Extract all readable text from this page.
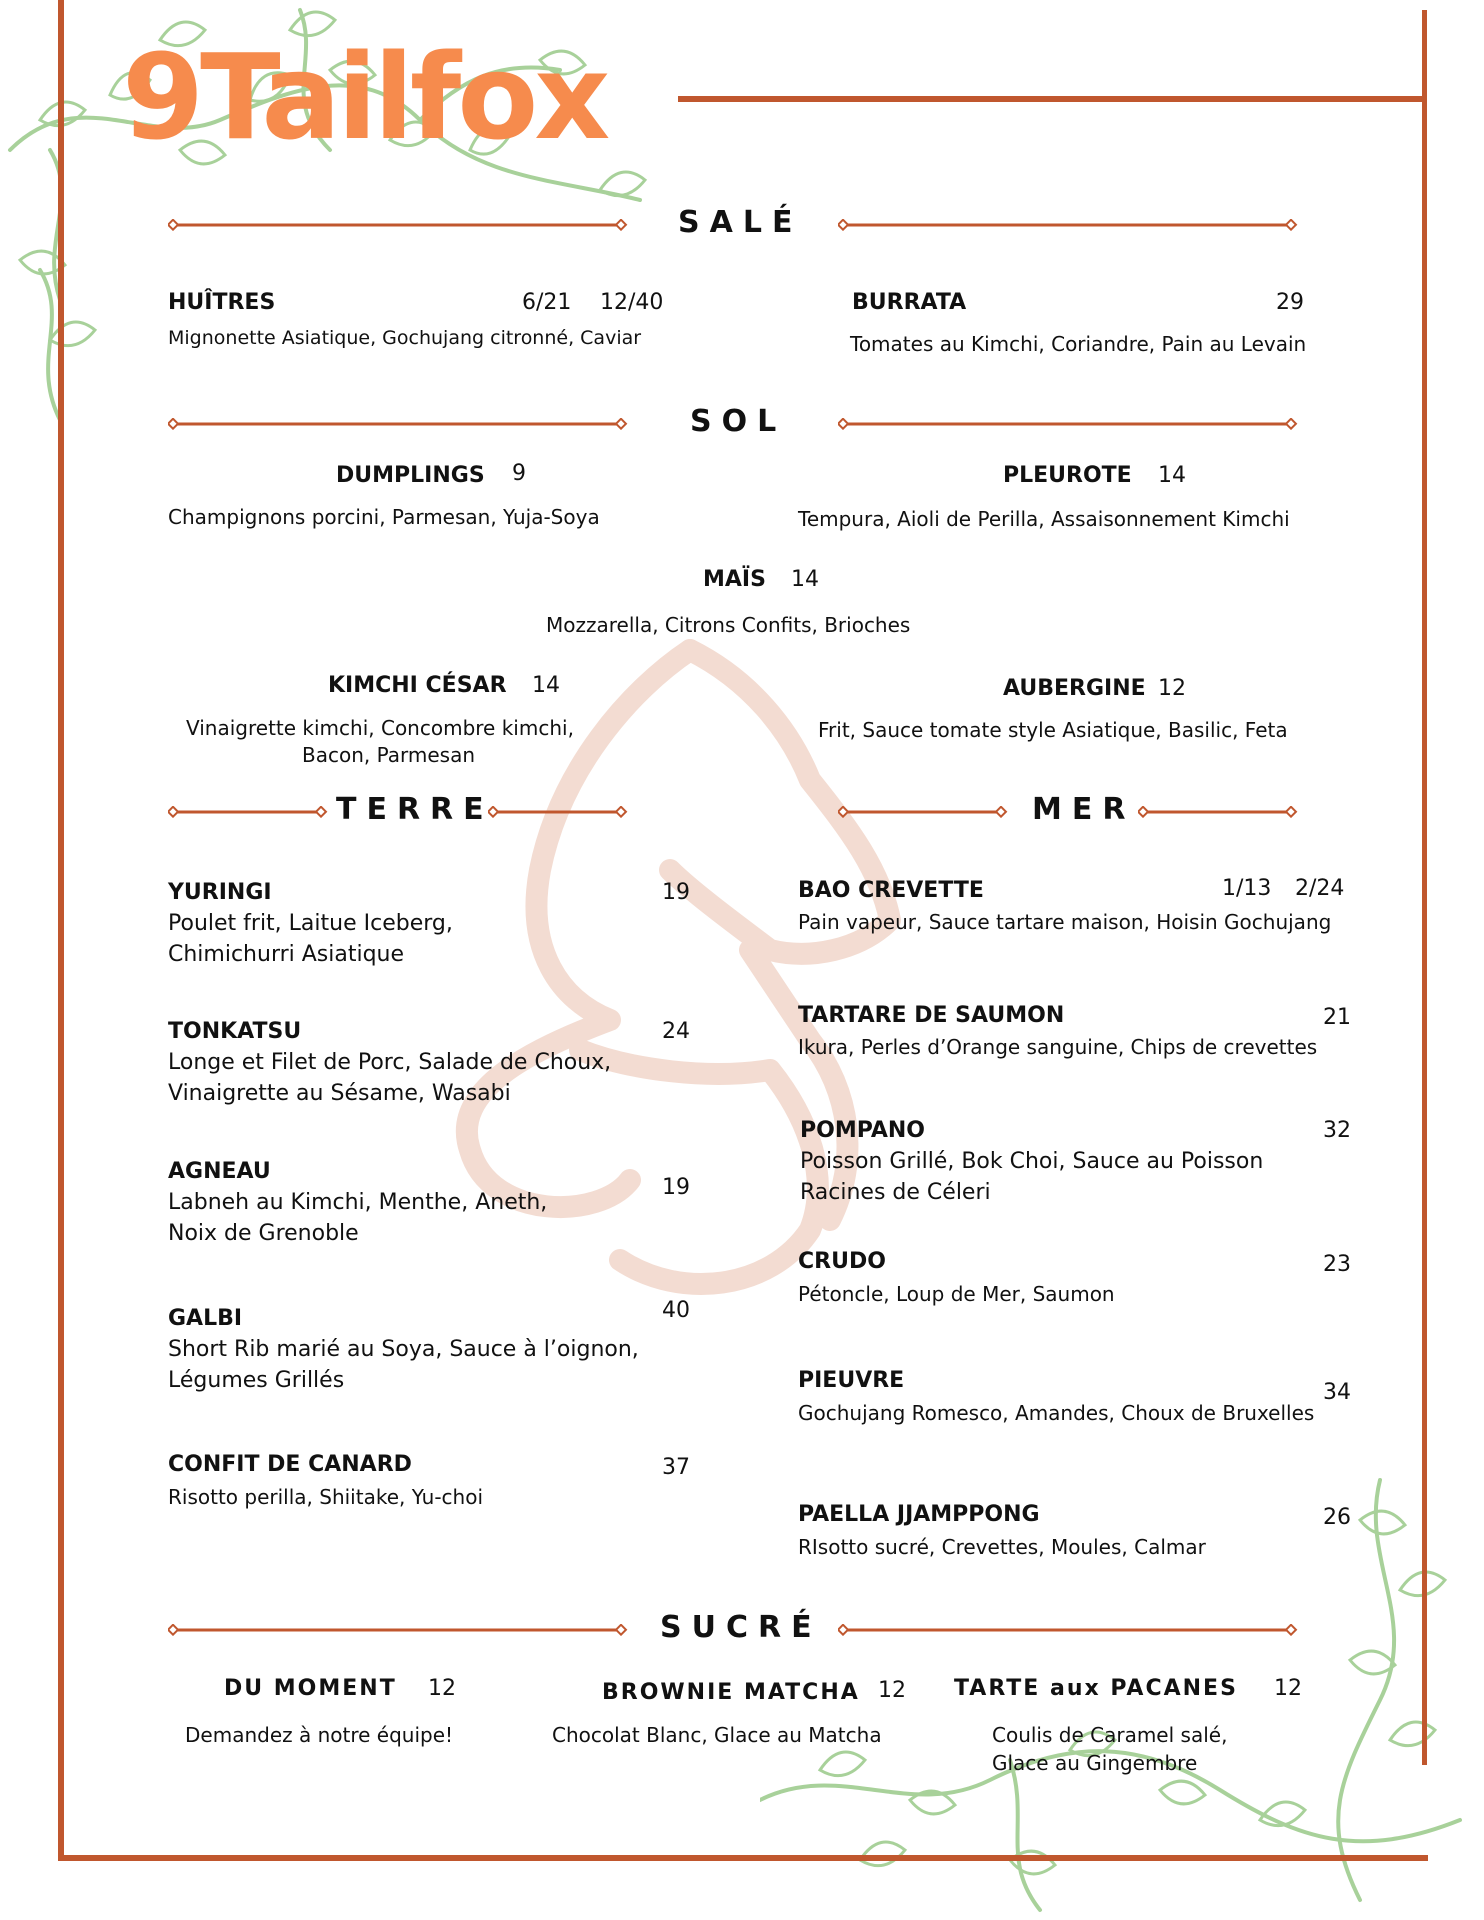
9Tailfox
SALÉ
SOL
TERRE	MER
SUCRÉ
HUÎTRES	6/21 12/40
Mignonette Asiatique, Gochujang citronné, Caviar
BURRATA	29
Tomates au Kimchi, Coriandre, Pain au Levain
DUMPLINGS 9
Champignons porcini, Parmesan, Yuja-Soya
PLEUROTE 14
Tempura, Aioli de Perilla, Assaisonnement Kimchi
MAÏS 14
Mozzarella, Citrons Confits, Brioches
KIMCHI CÉSAR 14
Vinaigrette kimchi, Concombre kimchi,
Bacon, Parmesan
AUBERGINE 12
Frit, Sauce tomate style Asiatique, Basilic, Feta
YURINGI	19
Poulet frit, Laitue Iceberg,
Chimichurri Asiatique
TONKATSU	24
Longe et Filet de Porc, Salade de Choux,
Vinaigrette au Sésame, Wasabi
AGNEAU
19
Labneh au Kimchi, Menthe, Aneth,
Noix de Grenoble
GALBI	40
Short Rib marié au Soya, Sauce à l’oignon,
Légumes Grillés
CONFIT DE CANARD	37
Risotto perilla, Shiitake, Yu-choi
BAO CREVETTE	1/13 2/24
Pain vapeur, Sauce tartare maison, Hoisin Gochujang
TARTARE DE SAUMON	21
Ikura, Perles d’Orange sanguine, Chips de crevettes
POMPANO	32
Poisson Grillé, Bok Choi, Sauce au Poisson
Racines de Céleri
CRUDO	23
Pétoncle, Loup de Mer, Saumon
PIEUVRE	34
Gochujang Romesco, Amandes, Choux de Bruxelles
PAELLA JJAMPPONG	26
RIsotto sucré, Crevettes, Moules, Calmar
DU MOMENT 12
Demandez à notre équipe!
BROWNIE MATCHA 12
Chocolat Blanc, Glace au Matcha
TARTE aux PACANES 12
Coulis de Caramel salé,
Glace au Gingembre
